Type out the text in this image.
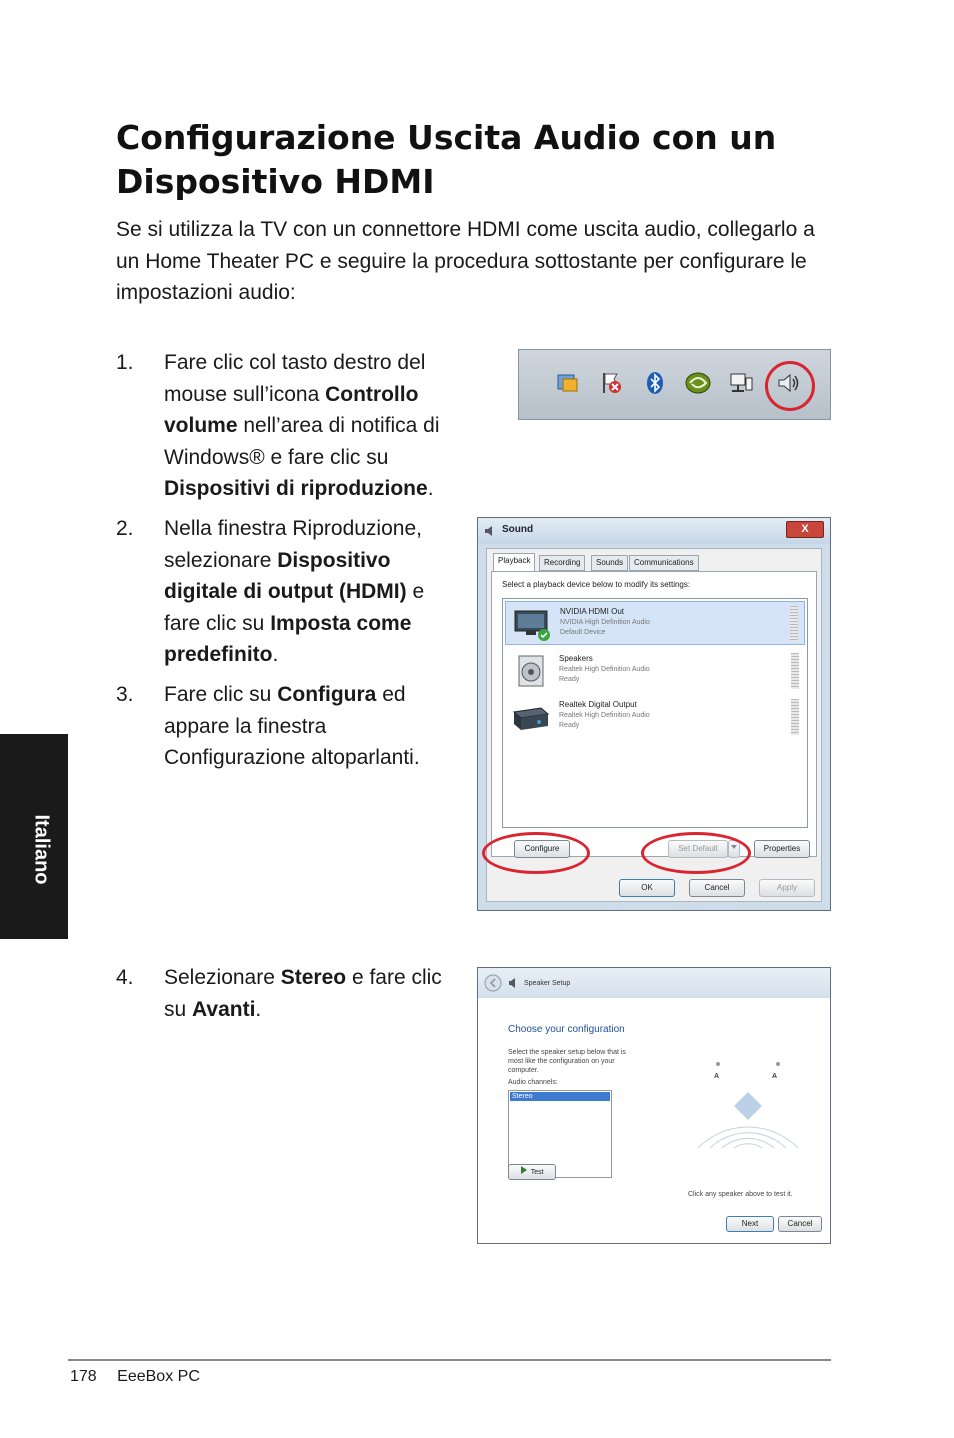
Configurazione Uscita Audio con un Dispositivo HDMI
Se si utilizza la TV con un connettore HDMI come uscita audio, collegarlo a un Home Theater PC e seguire la procedura sottostante per configurare le impostazioni audio:
1.	Fare clic col tasto destro del mouse sull’icona Controllo volume nell’area di notifica di Windows® e fare clic su Dispositivi di riproduzione.
2.	Nella finestra Riproduzione, selezionare Dispositivo digitale di output (HDMI) e fare clic su Imposta come predefinito.
3.	Fare clic su Configura ed appare la finestra Configurazione altoparlanti.
Sound	X
Playback	Recording	Sounds	Communications
Select a playback device below to modify its settings:
NVIDIA HDMI Out
NVIDIA High Definition Audio
Default Device
Speakers
Realtek High Definition Audio
Ready
Realtek Digital Output
Realtek High Definition Audio
Ready
Configure	Set Default	Properties
OK	Cancel	Apply
Italiano
4.	Selezionare Stereo e fare clic su Avanti.
Speaker Setup
Choose your configuration
Select the speaker setup below that is most like the configuration on your computer.
Audio channels:
Stereo
Test
A	A
Click any speaker above to test it.
Next	Cancel
178 EeeBox PC
